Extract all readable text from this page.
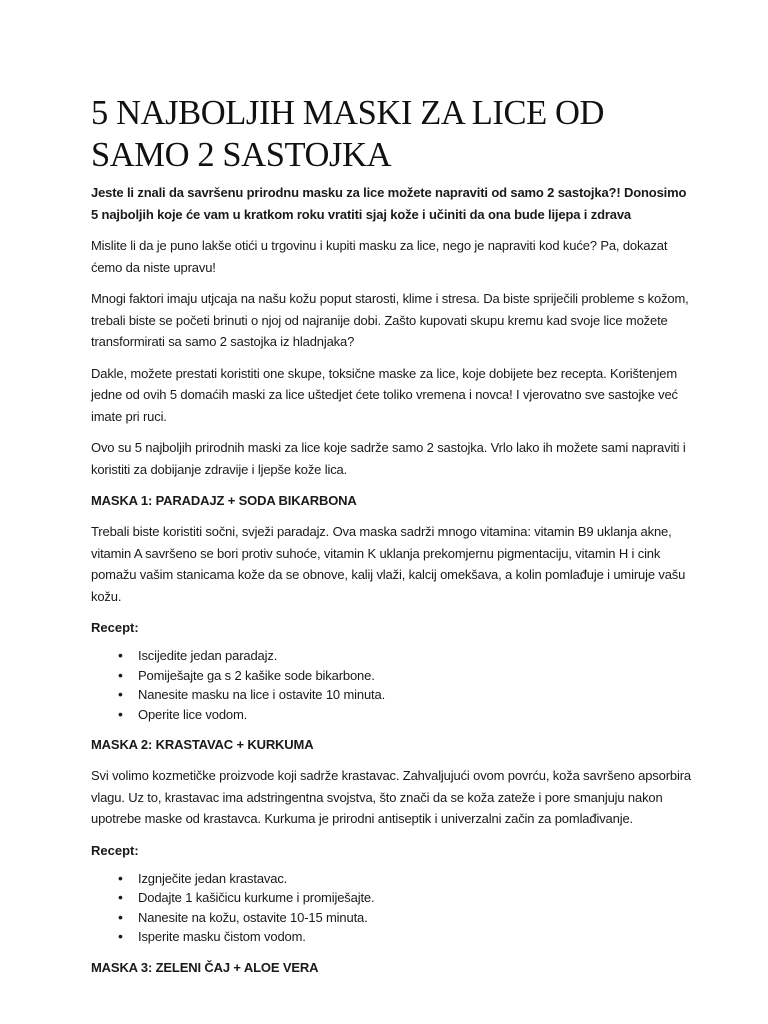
5 NAJBOLJIH MASKI ZA LICE OD SAMO 2 SASTOJKA

Jeste li znali da savršenu prirodnu masku za lice možete napraviti od samo 2 sastojka?! Donosimo 5 najboljih koje će vam u kratkom roku vratiti sjaj kože i učiniti da ona bude lijepa i zdrava

Mislite li da je puno lakše otići u trgovinu i kupiti masku za lice, nego je napraviti kod kuće? Pa, dokazat ćemo da niste upravu!

Mnogi faktori imaju utjcaja na našu kožu poput starosti, klime i stresa. Da biste spriječili probleme s kožom, trebali biste se početi brinuti o njoj od najranije dobi. Zašto kupovati skupu kremu kad svoje lice možete transformirati sa samo 2 sastojka iz hladnjaka?

Dakle, možete prestati koristiti one skupe, toksične maske za lice, koje dobijete bez recepta. Korištenjem jedne od ovih 5 domaćih maski za lice uštedjet ćete toliko vremena i novca! I vjerovatno sve sastojke već imate pri ruci.

Ovo su 5 najboljih prirodnih maski za lice koje sadrže samo 2 sastojka. Vrlo lako ih možete sami napraviti i koristiti za dobijanje zdravije i ljepše kože lica.

MASKA 1: PARADAJZ + SODA BIKARBONA

Trebali biste koristiti sočni, svježi paradajz. Ova maska sadrži mnogo vitamina: vitamin B9 uklanja akne, vitamin A savršeno se bori protiv suhoće, vitamin K uklanja prekomjernu pigmentaciju, vitamin H i cink pomažu vašim stanicama kože da se obnove, kalij vlaži, kalcij omekšava, a kolin pomlađuje i umiruje vašu kožu.

Recept:
• Iscijedite jedan paradajz.
• Pomiješajte ga s 2 kašike sode bikarbone.
• Nanesite masku na lice i ostavite 10 minuta.
• Operite lice vodom.
MASKA 2: KRASTAVAC + KURKUMA

Svi volimo kozmetičke proizvode koji sadrže krastavac. Zahvaljujući ovom povrću, koža savršeno apsorbira vlagu. Uz to, krastavac ima adstringentna svojstva, što znači da se koža zateže i pore smanjuju nakon upotrebe maske od krastavca. Kurkuma je prirodni antiseptik i univerzalni začin za pomlađivanje.

Recept:
• Izgnječite jedan krastavac.
• Dodajte 1 kašičicu kurkume i promiješajte.
• Nanesite na kožu, ostavite 10-15 minuta.
• Isperite masku čistom vodom.
MASKA 3: ZELENI ČAJ + ALOE VERA
